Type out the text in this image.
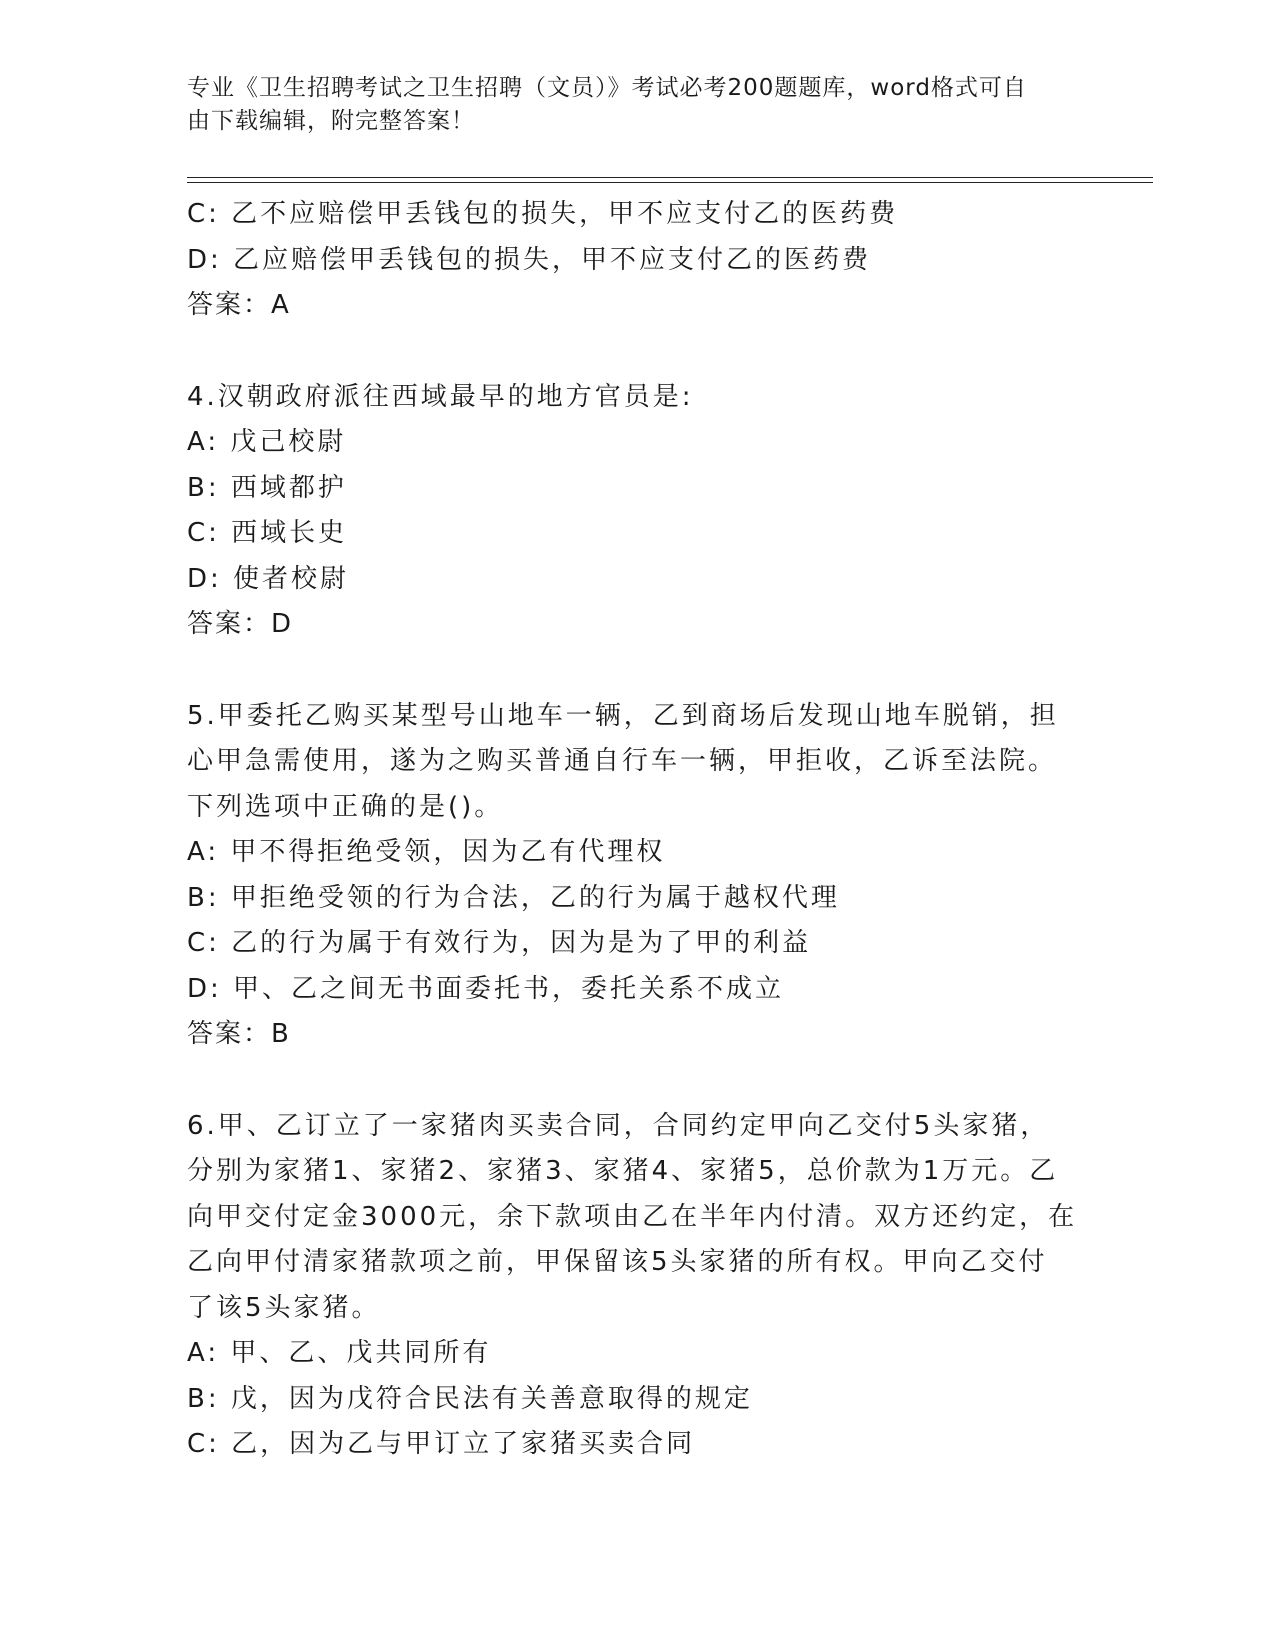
专业《卫生招聘考试之卫生招聘（文员）》考试必考200题题库，word格式可自
由下载编辑，附完整答案！
C: 乙不应赔偿甲丢钱包的损失，甲不应支付乙的医药费
D: 乙应赔偿甲丢钱包的损失，甲不应支付乙的医药费
答案：A
4.汉朝政府派往西域最早的地方官员是:
A: 戊己校尉
B: 西域都护
C: 西域长史
D: 使者校尉
答案：D
5.甲委托乙购买某型号山地车一辆，乙到商场后发现山地车脱销，担
心甲急需使用，遂为之购买普通自行车一辆，甲拒收，乙诉至法院。
下列选项中正确的是()。
A: 甲不得拒绝受领，因为乙有代理权
B: 甲拒绝受领的行为合法，乙的行为属于越权代理
C: 乙的行为属于有效行为，因为是为了甲的利益
D: 甲、乙之间无书面委托书，委托关系不成立
答案：B
6.甲、乙订立了一家猪肉买卖合同，合同约定甲向乙交付5头家猪，
分别为家猪1、家猪2、家猪3、家猪4、家猪5，总价款为1万元。乙
向甲交付定金3000元，余下款项由乙在半年内付清。双方还约定，在
乙向甲付清家猪款项之前，甲保留该5头家猪的所有权。甲向乙交付
了该5头家猪。
A: 甲、乙、戊共同所有
B: 戊，因为戊符合民法有关善意取得的规定
C: 乙，因为乙与甲订立了家猪买卖合同
